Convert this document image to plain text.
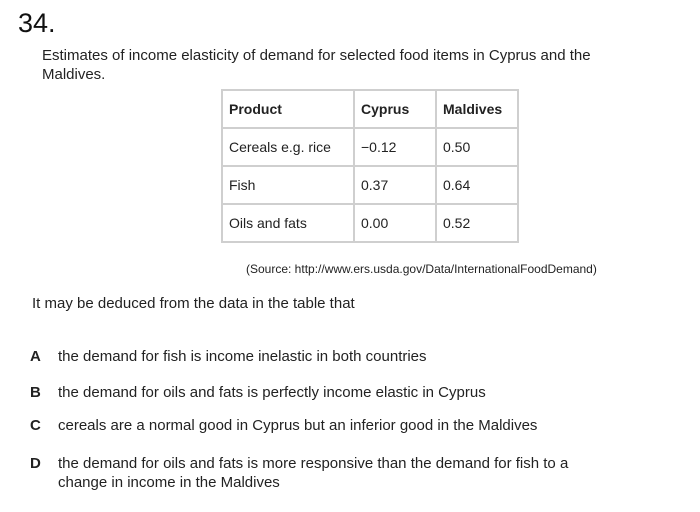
34.
Estimates of income elasticity of demand for selected food items in Cyprus and the Maldives.
Product	Cyprus	Maldives
Cereals e.g. rice	−0.12	0.50
Fish	0.37	0.64
Oils and fats	0.00	0.52
(Source: http://www.ers.usda.gov/Data/InternationalFoodDemand)
It may be deduced from the data in the table that
A the demand for fish is income inelastic in both countries
B the demand for oils and fats is perfectly income elastic in Cyprus
C cereals are a normal good in Cyprus but an inferior good in the Maldives
D the demand for oils and fats is more responsive than the demand for fish to a change in income in the Maldives
